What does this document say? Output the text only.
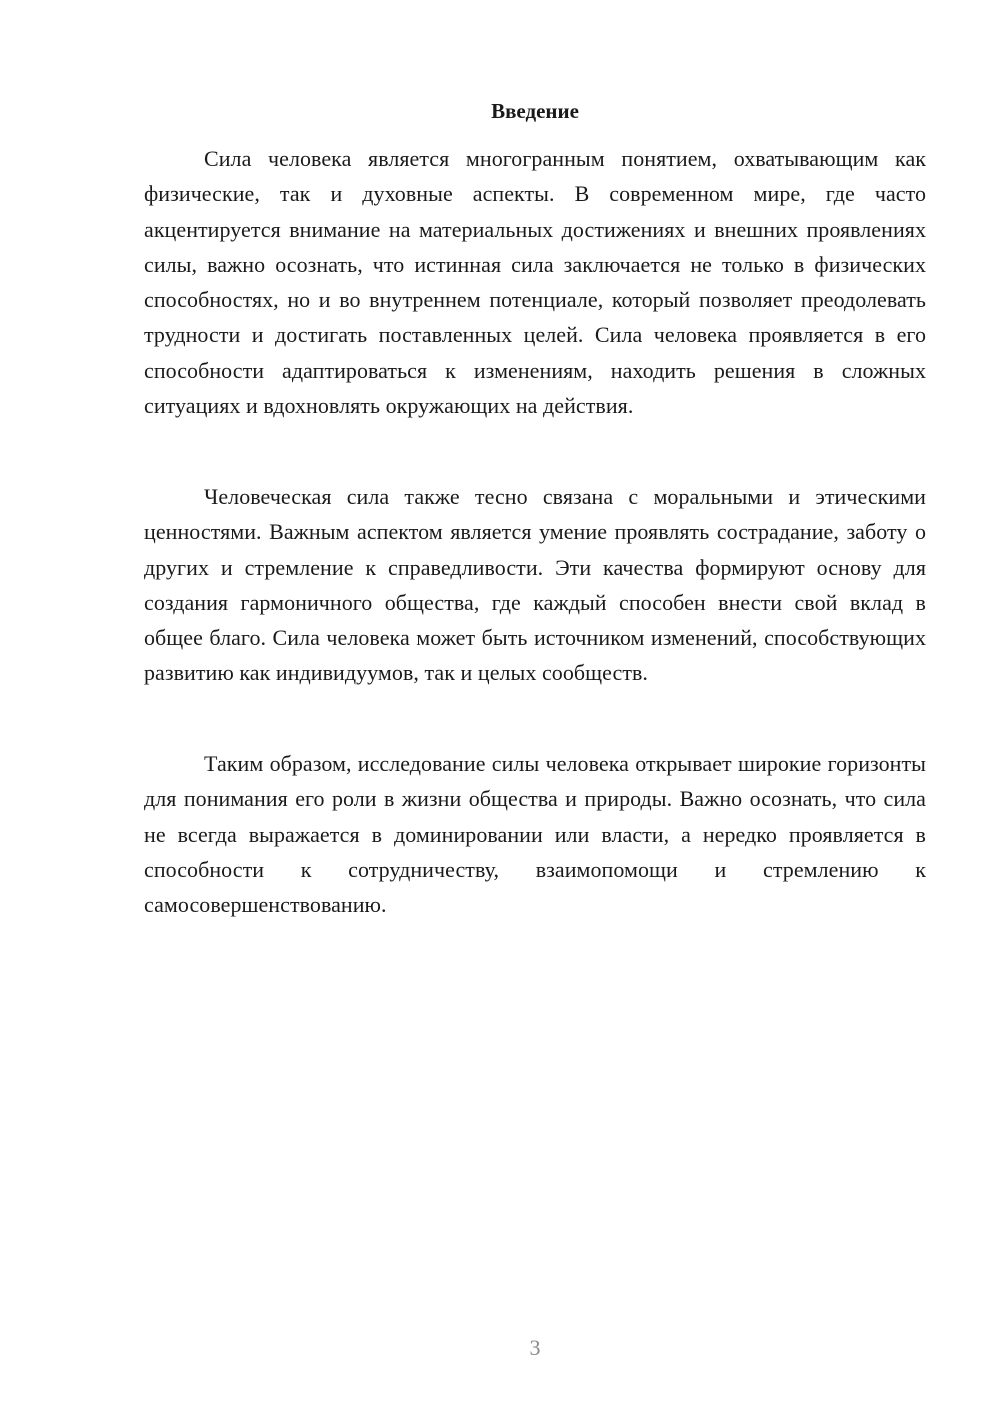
Введение

Сила человека является многогранным понятием, охватывающим как физические, так и духовные аспекты. В современном мире, где часто акцентируется внимание на материальных достижениях и внешних проявлениях силы, важно осознать, что истинная сила заключается не только в физических способностях, но и во внутреннем потенциале, который позволяет преодолевать трудности и достигать поставленных целей. Сила человека проявляется в его способности адаптироваться к изменениям, находить решения в сложных ситуациях и вдохновлять окружающих на действия.

Человеческая сила также тесно связана с моральными и этическими ценностями. Важным аспектом является умение проявлять сострадание, заботу о других и стремление к справедливости. Эти качества формируют основу для создания гармоничного общества, где каждый способен внести свой вклад в общее благо. Сила человека может быть источником изменений, способствующих развитию как индивидуумов, так и целых сообществ.

Таким образом, исследование силы человека открывает широкие горизонты для понимания его роли в жизни общества и природы. Важно осознать, что сила не всегда выражается в доминировании или власти, а нередко проявляется в способности к сотрудничеству, взаимопомощи и стремлению к самосовершенствованию.

3
